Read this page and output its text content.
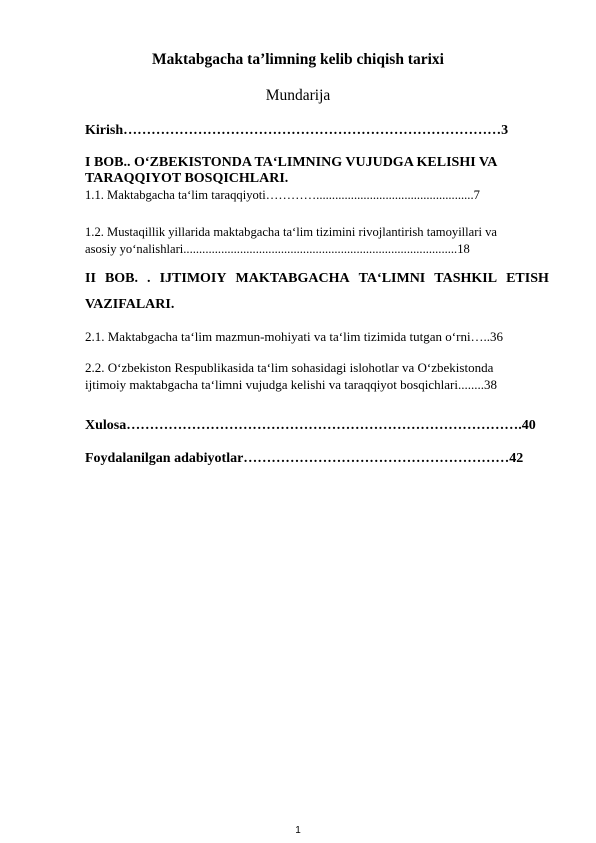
Maktabgacha ta’limning kelib chiqish tarixi
Mundarija
Kirish………………………………………………………………………3
I BOB.. O‘ZBEKISTONDA TA‘LIMNING VUJUDGA KELISHI VA
TARAQQIYOT BOSQICHLARI.
1.1. Maktabgacha ta‘lim taraqqiyoti…………..................................................7
1.2. Mustaqillik yillarida maktabgacha ta‘lim tizimini rivojlantirish tamoyillari va
asosiy yo‘nalishlari.......................................................................................18
II BOB. . IJTIMOIY MAKTABGACHA TA‘LIMNI TASHKIL ETISH
VAZIFALARI.
2.1. Maktabgacha ta‘lim mazmun-mohiyati va ta‘lim tizimida tutgan o‘rni…..36
2.2. O‘zbekiston Respublikasida ta‘lim sohasidagi islohotlar va O‘zbekistonda
ijtimoiy maktabgacha ta‘limni vujudga kelishi va taraqqiyot bosqichlari........38
Xulosa………………………………………………………………………….40
Foydalanilgan adabiyotlar…………………………………………………42
1
